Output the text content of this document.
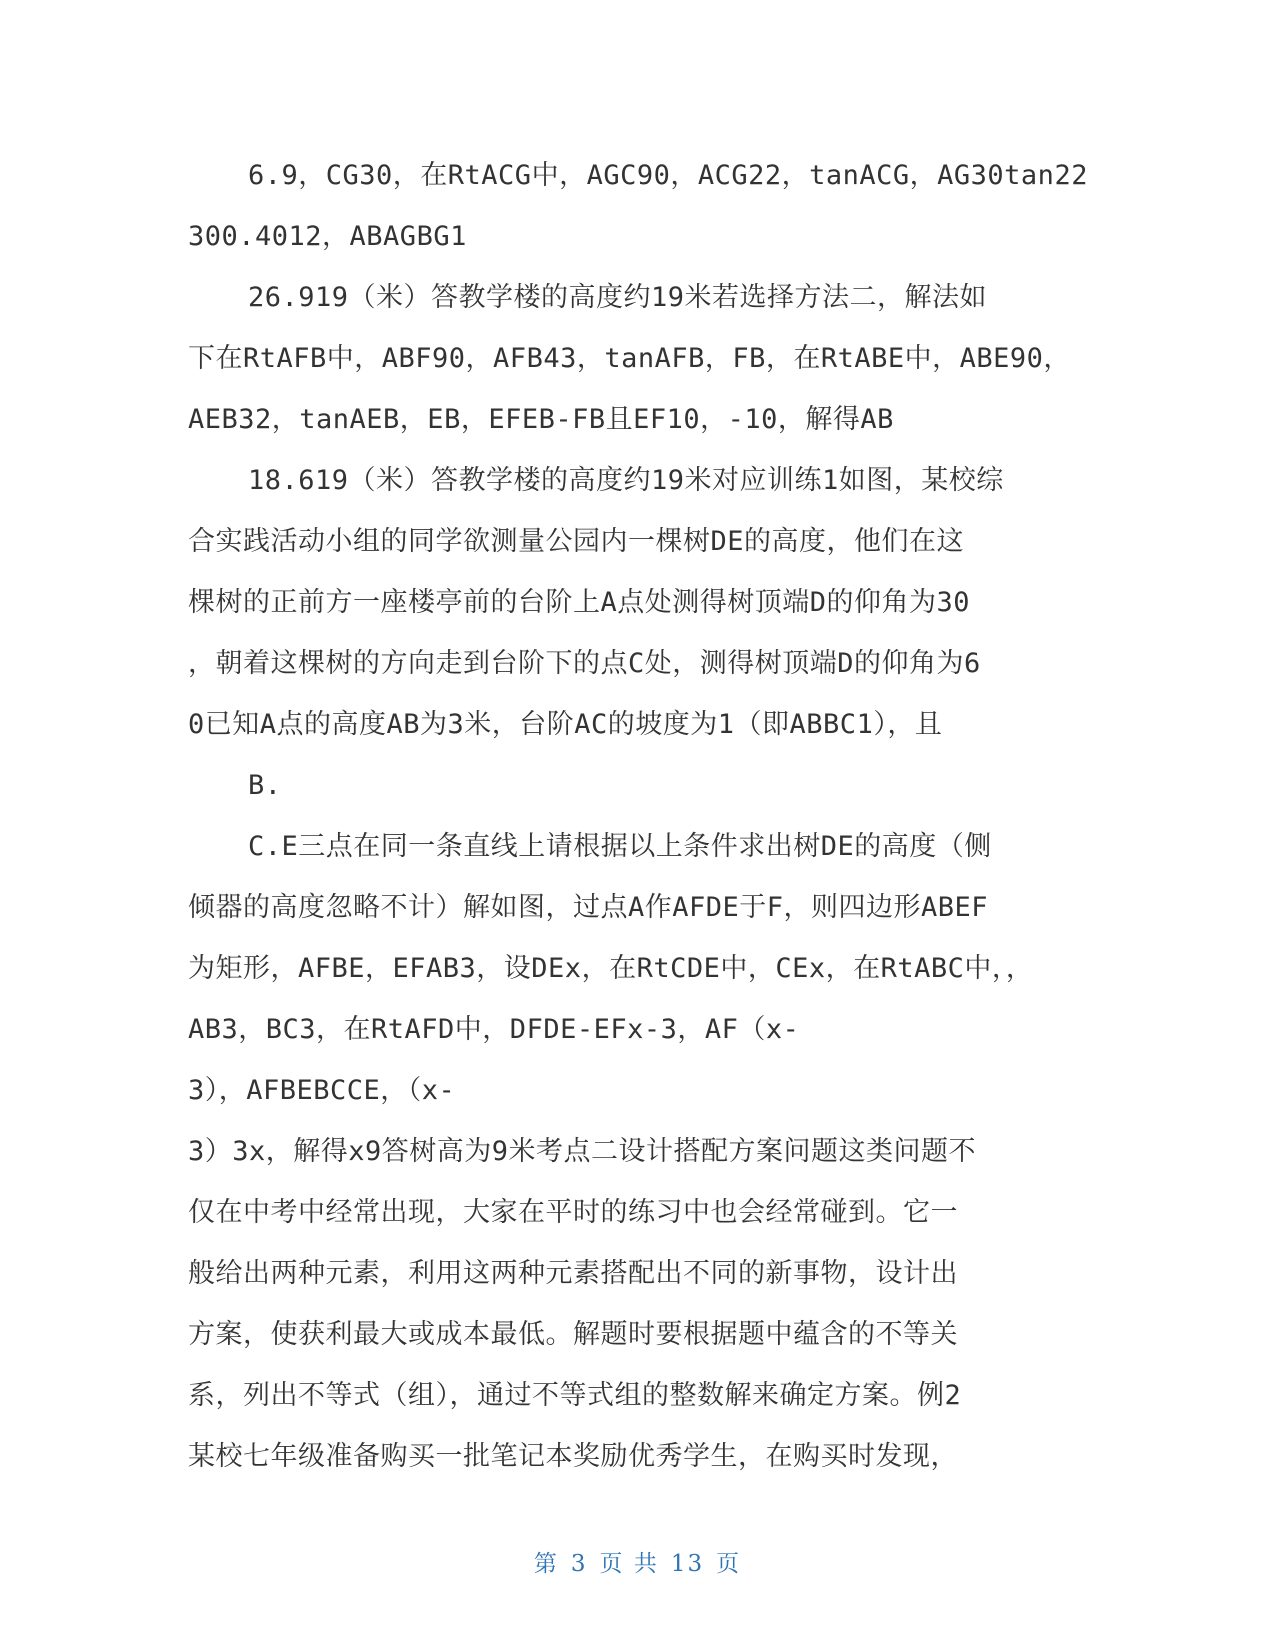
6.9，CG30，在RtACG中，AGC90，ACG22，tanACG，AG30tan22
300.4012，ABAGBG1
26.919（米）答教学楼的高度约19米若选择方法二，解法如
下在RtAFB中，ABF90，AFB43，tanAFB，FB，在RtABE中，ABE90，
AEB32，tanAEB，EB，EFEB-FB且EF10，-10，解得AB
18.619（米）答教学楼的高度约19米对应训练1如图，某校综
合实践活动小组的同学欲测量公园内一棵树DE的高度，他们在这
棵树的正前方一座楼亭前的台阶上A点处测得树顶端D的仰角为30
，朝着这棵树的方向走到台阶下的点C处，测得树顶端D的仰角为6
0已知A点的高度AB为3米，台阶AC的坡度为1（即ABBC1），且
B.
C.E三点在同一条直线上请根据以上条件求出树DE的高度（侧
倾器的高度忽略不计）解如图，过点A作AFDE于F，则四边形ABEF
为矩形，AFBE，EFAB3，设DEx，在RtCDE中，CEx，在RtABC中，，
AB3，BC3，在RtAFD中，DFDE-EFx-3，AF（x-
3），AFBEBCCE，（x-
3）3x，解得x9答树高为9米考点二设计搭配方案问题这类问题不
仅在中考中经常出现，大家在平时的练习中也会经常碰到。它一
般给出两种元素，利用这两种元素搭配出不同的新事物，设计出
方案，使获利最大或成本最低。解题时要根据题中蕴含的不等关
系，列出不等式（组），通过不等式组的整数解来确定方案。例2
某校七年级准备购买一批笔记本奖励优秀学生，在购买时发现，
第 3 页 共 13 页
